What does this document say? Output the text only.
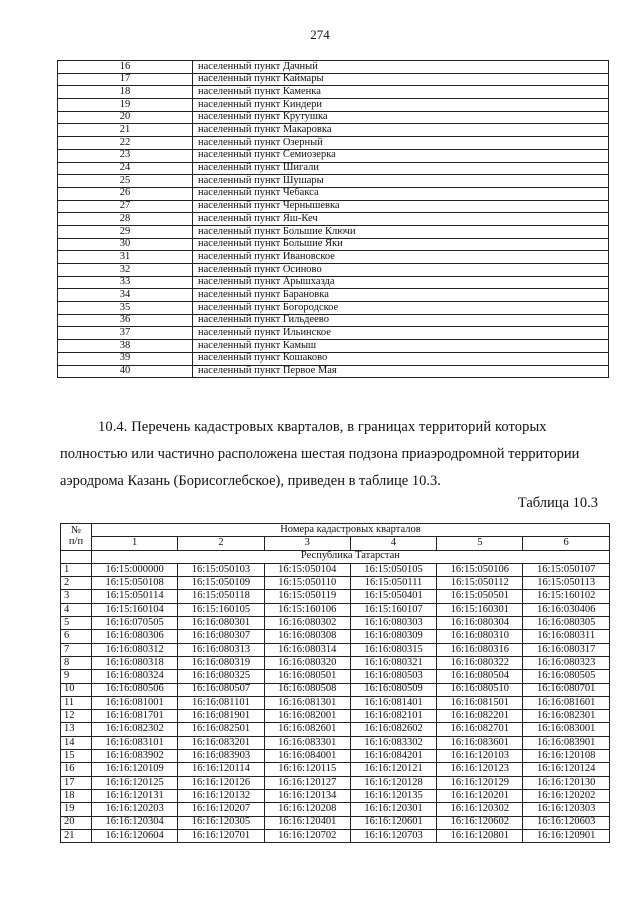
274
16	населенный пункт Дачный
17	населенный пункт Каймары
18	населенный пункт Каменка
19	населенный пункт Киндери
20	населенный пункт Крутушка
21	населенный пункт Макаровка
22	населенный пункт Озерный
23	населенный пункт Семиозерка
24	населенный пункт Шигали
25	населенный пункт Шушары
26	населенный пункт Чебакса
27	населенный пункт Чернышевка
28	населенный пункт Яш-Кеч
29	населенный пункт Большие Ключи
30	населенный пункт Большие Яки
31	населенный пункт Ивановское
32	населенный пункт Осиново
33	населенный пункт Арышхазда
34	населенный пункт Барановка
35	населенный пункт Богородское
36	населенный пункт Гильдеево
37	населенный пункт Ильинское
38	населенный пункт Камыш
39	населенный пункт Кошаково
40	населенный пункт Первое Мая
10.4. Перечень кадастровых кварталов, в границах территорий которых
полностью или частично расположена шестая подзона приаэродромной территории
аэродрома Казань (Борисоглебское), приведен в таблице 10.3.
Таблица 10.3
№
п/п	Номера кадастровых кварталов					
	1	2	3	4	5	6
	Республика Татарстан					
1	16:15:000000	16:15:050103	16:15:050104	16:15:050105	16:15:050106	16:15:050107
2	16:15:050108	16:15:050109	16:15:050110	16:15:050111	16:15:050112	16:15:050113
3	16:15:050114	16:15:050118	16:15:050119	16:15:050401	16:15:050501	16:15:160102
4	16:15:160104	16:15:160105	16:15:160106	16:15:160107	16:15:160301	16:16:030406
5	16:16:070505	16:16:080301	16:16:080302	16:16:080303	16:16:080304	16:16:080305
6	16:16:080306	16:16:080307	16:16:080308	16:16:080309	16:16:080310	16:16:080311
7	16:16:080312	16:16:080313	16:16:080314	16:16:080315	16:16:080316	16:16:080317
8	16:16:080318	16:16:080319	16:16:080320	16:16:080321	16:16:080322	16:16:080323
9	16:16:080324	16:16:080325	16:16:080501	16:16:080503	16:16:080504	16:16:080505
10	16:16:080506	16:16:080507	16:16:080508	16:16:080509	16:16:080510	16:16:080701
11	16:16:081001	16:16:081101	16:16:081301	16:16:081401	16:16:081501	16:16:081601
12	16:16:081701	16:16:081901	16:16:082001	16:16:082101	16:16:082201	16:16:082301
13	16:16:082302	16:16:082501	16:16:082601	16:16:082602	16:16:082701	16:16:083001
14	16:16:083101	16:16:083201	16:16:083301	16:16:083302	16:16:083601	16:16:083901
15	16:16:083902	16:16:083903	16:16:084001	16:16:084201	16:16:120103	16:16:120108
16	16:16:120109	16:16:120114	16:16:120115	16:16:120121	16:16:120123	16:16:120124
17	16:16:120125	16:16:120126	16:16:120127	16:16:120128	16:16:120129	16:16:120130
18	16:16:120131	16:16:120132	16:16:120134	16:16:120135	16:16:120201	16:16:120202
19	16:16:120203	16:16:120207	16:16:120208	16:16:120301	16:16:120302	16:16:120303
20	16:16:120304	16:16:120305	16:16:120401	16:16:120601	16:16:120602	16:16:120603
21	16:16:120604	16:16:120701	16:16:120702	16:16:120703	16:16:120801	16:16:120901
